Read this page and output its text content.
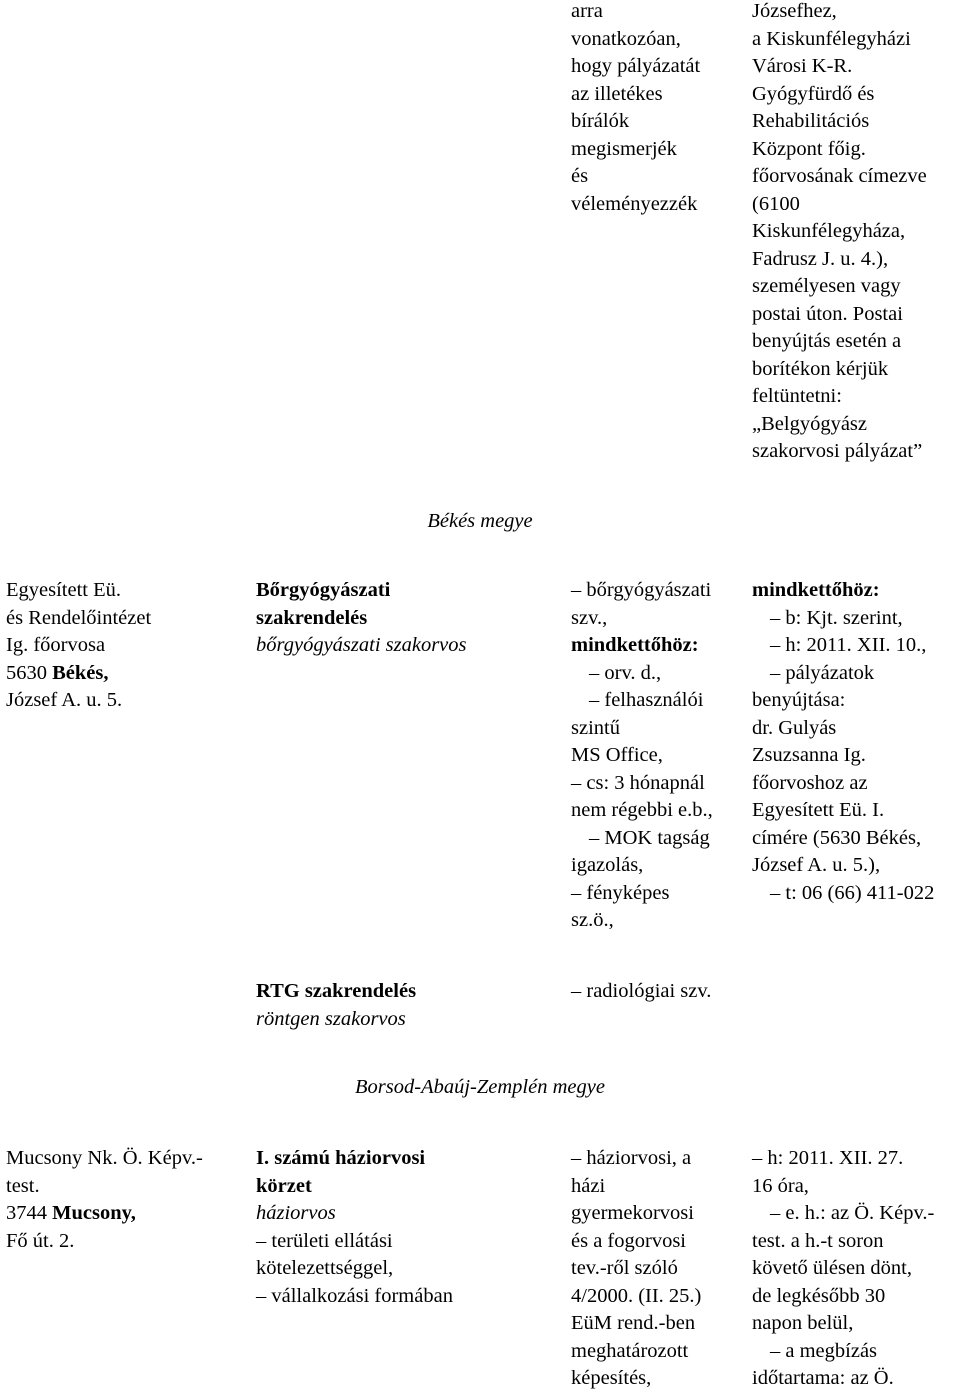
arra
vonatkozóan,
hogy pályázatát
az illetékes
bírálók
megismerjék
és
véleményezzék
Józsefhez,
a Kiskunfélegyházi
Városi K-R.
Gyógyfürdő és
Rehabilitációs
Központ főig.
főorvosának címezve
(6100
Kiskunfélegyháza,
Fadrusz J. u. 4.),
személyesen vagy
postai úton. Postai
benyújtás esetén a
borítékon kérjük
feltüntetni:
„Belgyógyász
szakorvosi pályázat”
Békés megye
Egyesített Eü.
és Rendelőintézet
Ig. főorvosa
5630 Békés,
József A. u. 5.
Bőrgyógyászati
szakrendelés
bőrgyógyászati szakorvos
– bőrgyógyászati
szv.,
mindkettőhöz:
– orv. d.,
– felhasználói
szintű
MS Office,
– cs: 3 hónapnál
nem régebbi e.b.,
– MOK tagság
igazolás,
– fényképes
sz.ö.,
mindkettőhöz:
– b: Kjt. szerint,
– h: 2011. XII. 10.,
– pályázatok
benyújtása:
dr. Gulyás
Zsuzsanna Ig.
főorvoshoz az
Egyesített Eü. I.
címére (5630 Békés,
József A. u. 5.),
– t: 06 (66) 411-022
RTG szakrendelés
röntgen szakorvos
– radiológiai szv.
Borsod-Abaúj-Zemplén megye
Mucsony Nk. Ö. Képv.-
test.
3744 Mucsony,
Fő út. 2.
I. számú háziorvosi
körzet
háziorvos
– területi ellátási
kötelezettséggel,
– vállalkozási formában
– háziorvosi, a
házi
gyermekorvosi
és a fogorvosi
tev.-ről szóló
4/2000. (II. 25.)
EüM rend.-ben
meghatározott
képesítés,
– h: 2011. XII. 27.
16 óra,
– e. h.: az Ö. Képv.-
test. a h.-t soron
követő ülésen dönt,
de legkésőbb 30
napon belül,
– a megbízás
időtartama: az Ö.
